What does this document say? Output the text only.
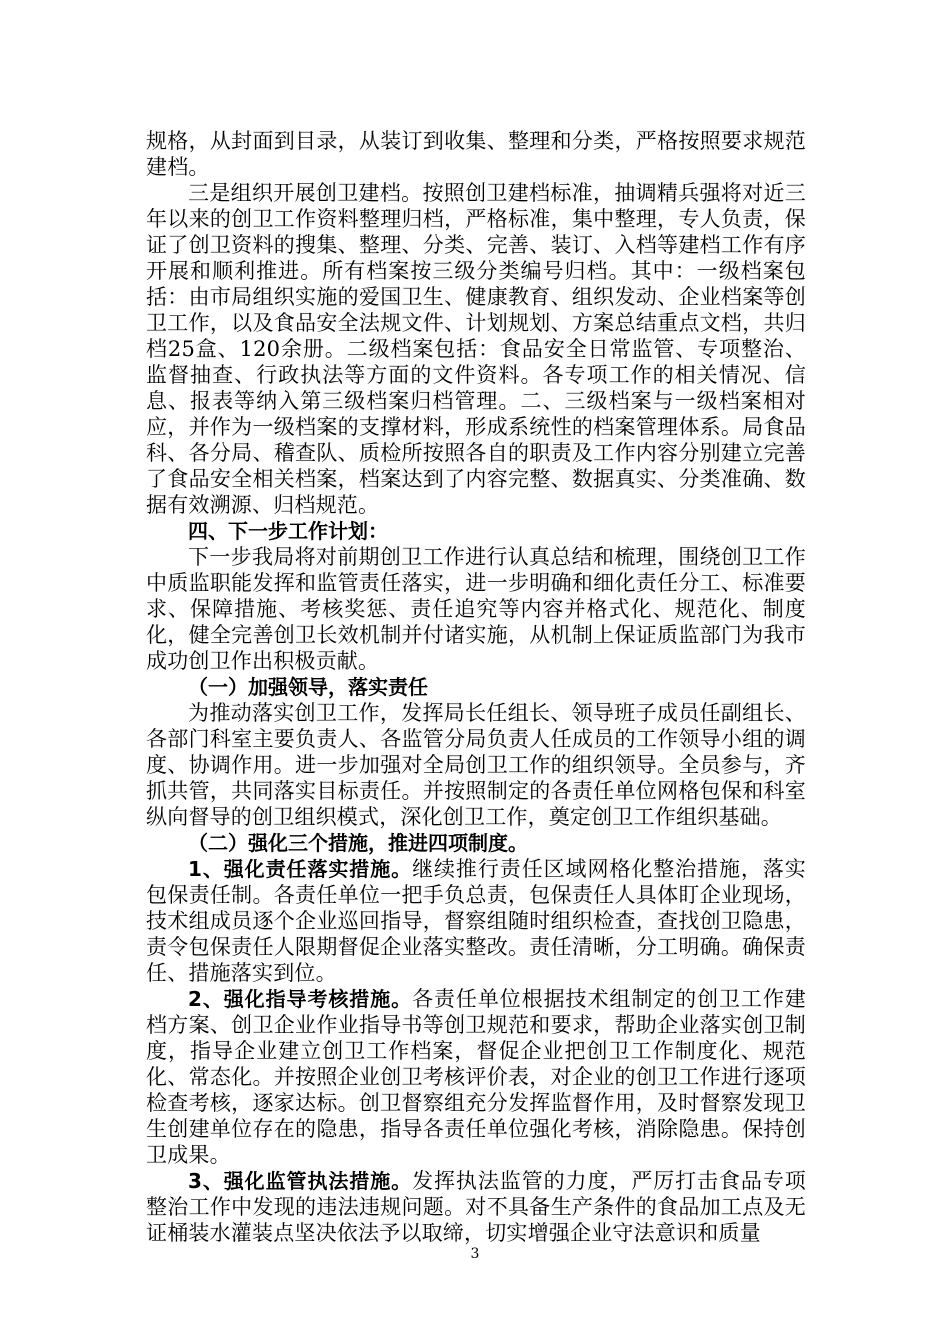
规格，从封面到目录，从装订到收集、整理和分类，严格按照要求规范建档。

三是组织开展创卫建档。按照创卫建档标准，抽调精兵强将对近三年以来的创卫工作资料整理归档，严格标准，集中整理，专人负责，保证了创卫资料的搜集、整理、分类、完善、装订、入档等建档工作有序开展和顺利推进。所有档案按三级分类编号归档。其中：一级档案包括：由市局组织实施的爱国卫生、健康教育、组织发动、企业档案等创卫工作，以及食品安全法规文件、计划规划、方案总结重点文档，共归档25盒、120余册。二级档案包括：食品安全日常监管、专项整治、监督抽查、行政执法等方面的文件资料。各专项工作的相关情况、信息、报表等纳入第三级档案归档管理。二、三级档案与一级档案相对应，并作为一级档案的支撑材料，形成系统性的档案管理体系。局食品科、各分局、稽查队、质检所按照各自的职责及工作内容分别建立完善了食品安全相关档案，档案达到了内容完整、数据真实、分类准确、数据有效溯源、归档规范。

四、下一步工作计划：

下一步我局将对前期创卫工作进行认真总结和梳理，围绕创卫工作中质监职能发挥和监管责任落实，进一步明确和细化责任分工、标准要求、保障措施、考核奖惩、责任追究等内容并格式化、规范化、制度化，健全完善创卫长效机制并付诸实施，从机制上保证质监部门为我市成功创卫作出积极贡献。

（一）加强领导，落实责任

为推动落实创卫工作，发挥局长任组长、领导班子成员任副组长、各部门科室主要负责人、各监管分局负责人任成员的工作领导小组的调度、协调作用。进一步加强对全局创卫工作的组织领导。全员参与，齐抓共管，共同落实目标责任。并按照制定的各责任单位网格包保和科室纵向督导的创卫组织模式，深化创卫工作，奠定创卫工作组织基础。

（二）强化三个措施，推进四项制度。

1、强化责任落实措施。继续推行责任区域网格化整治措施，落实包保责任制。各责任单位一把手负总责，包保责任人具体盯企业现场，技术组成员逐个企业巡回指导，督察组随时组织检查，查找创卫隐患，责令包保责任人限期督促企业落实整改。责任清晰，分工明确。确保责任、措施落实到位。

2、强化指导考核措施。各责任单位根据技术组制定的创卫工作建档方案、创卫企业作业指导书等创卫规范和要求，帮助企业落实创卫制度，指导企业建立创卫工作档案，督促企业把创卫工作制度化、规范化、常态化。并按照企业创卫考核评价表，对企业的创卫工作进行逐项检查考核，逐家达标。创卫督察组充分发挥监督作用，及时督察发现卫生创建单位存在的隐患，指导各责任单位强化考核，消除隐患。保持创卫成果。

3、强化监管执法措施。发挥执法监管的力度，严厉打击食品专项整治工作中发现的违法违规问题。对不具备生产条件的食品加工点及无证桶装水灌装点坚决依法予以取缔，切实增强企业守法意识和质量

3
